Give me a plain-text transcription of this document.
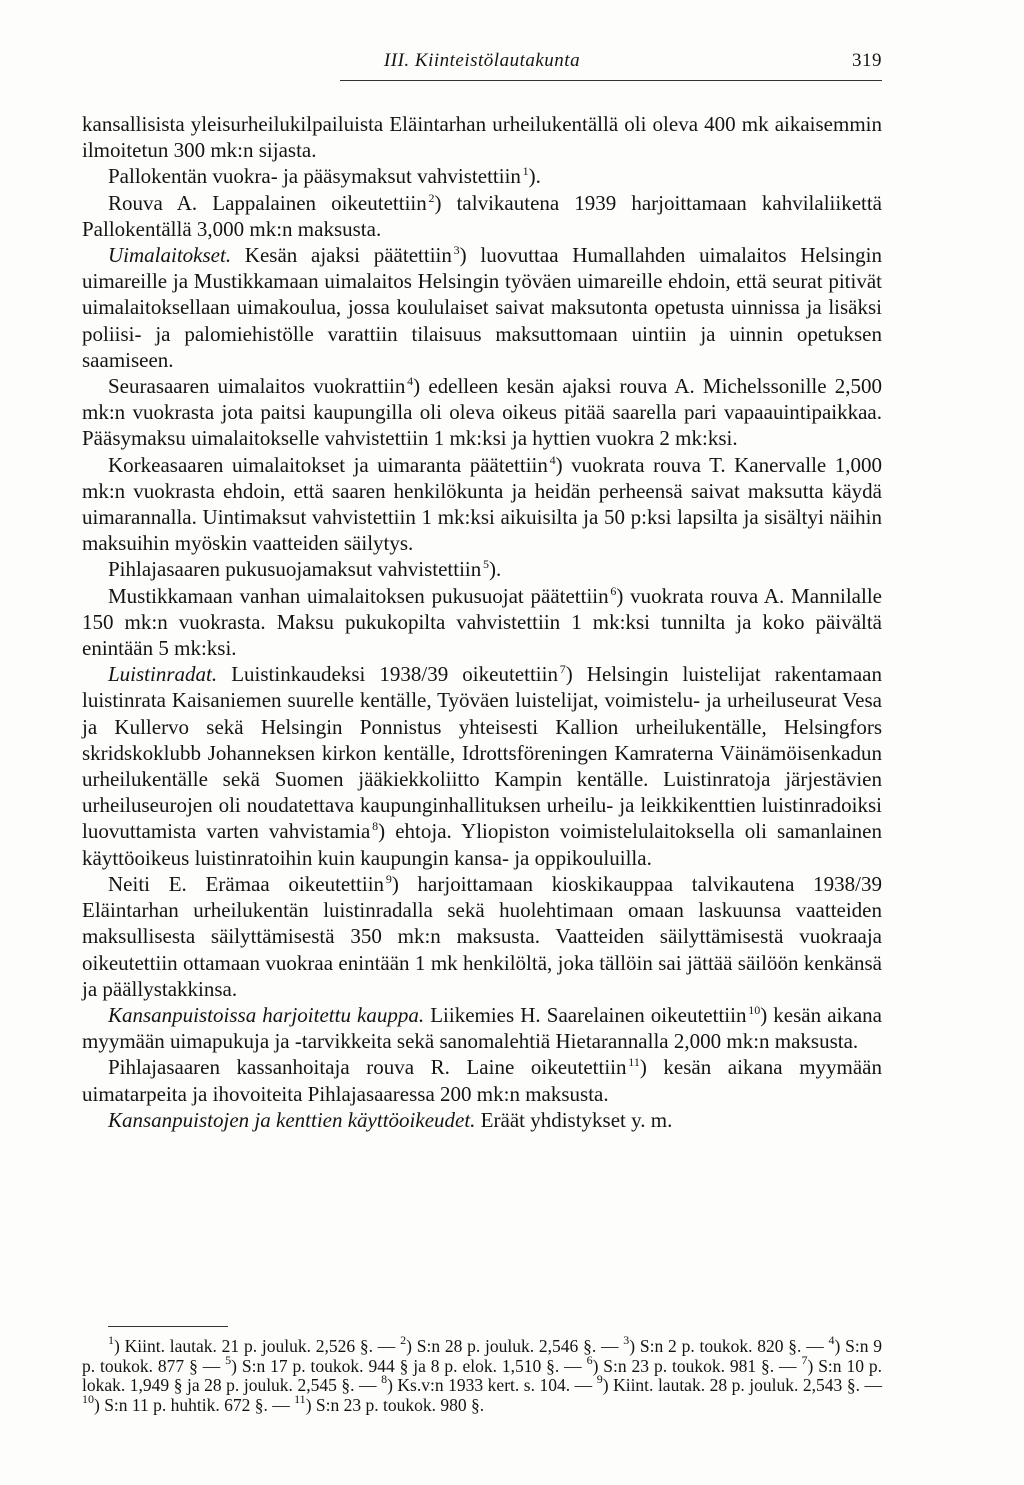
III. Kiinteistölautakunta	319

kansallisista yleisurheilukilpailuista Eläintarhan urheilukentällä oli oleva 400 mk aikaisemmin ilmoitetun 300 mk:n sijasta.

Pallokentän vuokra- ja pääsymaksut vahvistettiin  $^1$).

Rouva A. Lappalainen oikeutettiin  $^2$) talvikautena 1939 harjoittamaan kahvilaliikettä Pallokentällä 3,000 mk:n maksusta.

Uimalaitokset. Kesän ajaksi päätettiin  $^3$) luovuttaa Humallahden uimalaitos Helsingin uimareille ja Mustikkamaan uimalaitos Helsingin työväen uimareille ehdoin, että seurat pitivät uimalaitoksellaan uimakoulua, jossa koululaiset saivat maksutonta opetusta uinnissa ja lisäksi poliisi- ja palomiehistölle varattiin tilaisuus maksuttomaan uintiin ja uinnin opetuksen saamiseen.

Seurasaaren uimalaitos vuokrattiin  $^4$) edelleen kesän ajaksi rouva A. Michelssonille 2,500 mk:n vuokrasta jota paitsi kaupungilla oli oleva oikeus pitää saarella pari vapaauintipaikkaa. Pääsymaksu uimalaitokselle vahvistettiin 1 mk:ksi ja hyttien vuokra 2 mk:ksi.

Korkeasaaren uimalaitokset ja uimaranta päätettiin  $^4$) vuokrata rouva T. Kanervalle 1,000 mk:n vuokrasta ehdoin, että saaren henkilökunta ja heidän perheensä saivat maksutta käydä uimarannalla. Uintimaksut vahvistettiin 1 mk:ksi aikuisilta ja 50 p:ksi lapsilta ja sisältyi näihin maksuihin myöskin vaatteiden säilytys.

Pihlajasaaren pukusuojamaksut vahvistettiin  $^5$).

Mustikkamaan vanhan uimalaitoksen pukusuojat päätettiin  $^6$) vuokrata rouva A. Mannilalle 150 mk:n vuokrasta. Maksu pukukopilta vahvistettiin 1 mk:ksi tunnilta ja koko päivältä enintään 5 mk:ksi.

Luistinradat. Luistinkaudeksi 1938/39 oikeutettiin  $^7$) Helsingin luistelijat rakentamaan luistinrata Kaisaniemen suurelle kentälle, Työväen luistelijat, voimistelu- ja urheiluseurat Vesa ja Kullervo sekä Helsingin Ponnistus yhteisesti Kallion urheilukentälle, Helsingfors skridskoklubb Johanneksen kirkon kentälle, Idrottsföreningen Kamraterna Väinämöisenkadun urheilukentälle sekä Suomen jääkiekkoliitto Kampin kentälle. Luistinratoja järjestävien urheiluseurojen oli noudatettava kaupunginhallituksen urheilu- ja leikkikenttien luistinradoiksi luovuttamista varten vahvistamia  $^8$) ehtoja. Yliopiston voimistelulaitoksella oli samanlainen käyttöoikeus luistinratoihin kuin kaupungin kansa- ja oppikouluilla.

Neiti E. Erämaa oikeutettiin  $^9$) harjoittamaan kioskikauppaa talvikautena 1938/39 Eläintarhan urheilukentän luistinradalla sekä huolehtimaan omaan laskuunsa vaatteiden maksullisesta säilyttämisestä 350 mk:n maksusta. Vaatteiden säilyttämisestä vuokraaja oikeutettiin ottamaan vuokraa enintään 1 mk henkilöltä, joka tällöin sai jättää säilöön kenkänsä ja päällystakkinsa.

Kansanpuistoissa harjoitettu kauppa. Liikemies H. Saarelainen oikeutettiin  $^{10}$) kesän aikana myymään uimapukuja ja -tarvikkeita sekä sanomalehtiä Hietarannalla 2,000 mk:n maksusta.

Pihlajasaaren kassanhoitaja rouva R. Laine oikeutettiin  $^{11}$) kesän aikana myymään uimatarpeita ja ihovoiteita Pihlajasaaressa 200 mk:n maksusta.

Kansanpuistojen ja kenttien käyttöoikeudet. Eräät yhdistykset y. m.

$^1$) Kiint. lautak. 21 p. jouluk. 2,526 §. — $^2$) S:n 28 p. jouluk. 2,546 §. — $^3$) S:n 2 p. toukok. 820 §. — $^4$) S:n 9 p. toukok. 877 § — $^5$) S:n 17 p. toukok. 944 § ja 8 p. elok. 1,510 §. — $^6$) S:n 23 p. toukok. 981 §. — $^7$) S:n 10 p. lokak. 1,949 § ja 28 p. jouluk. 2,545 §. — $^8$) Ks.v:n 1933 kert. s. 104. — $^9$) Kiint. lautak. 28 p. jouluk. 2,543 §. — $^{10}$) S:n 11 p. huhtik. 672 §. — $^{11}$) S:n 23 p. toukok. 980 §.
